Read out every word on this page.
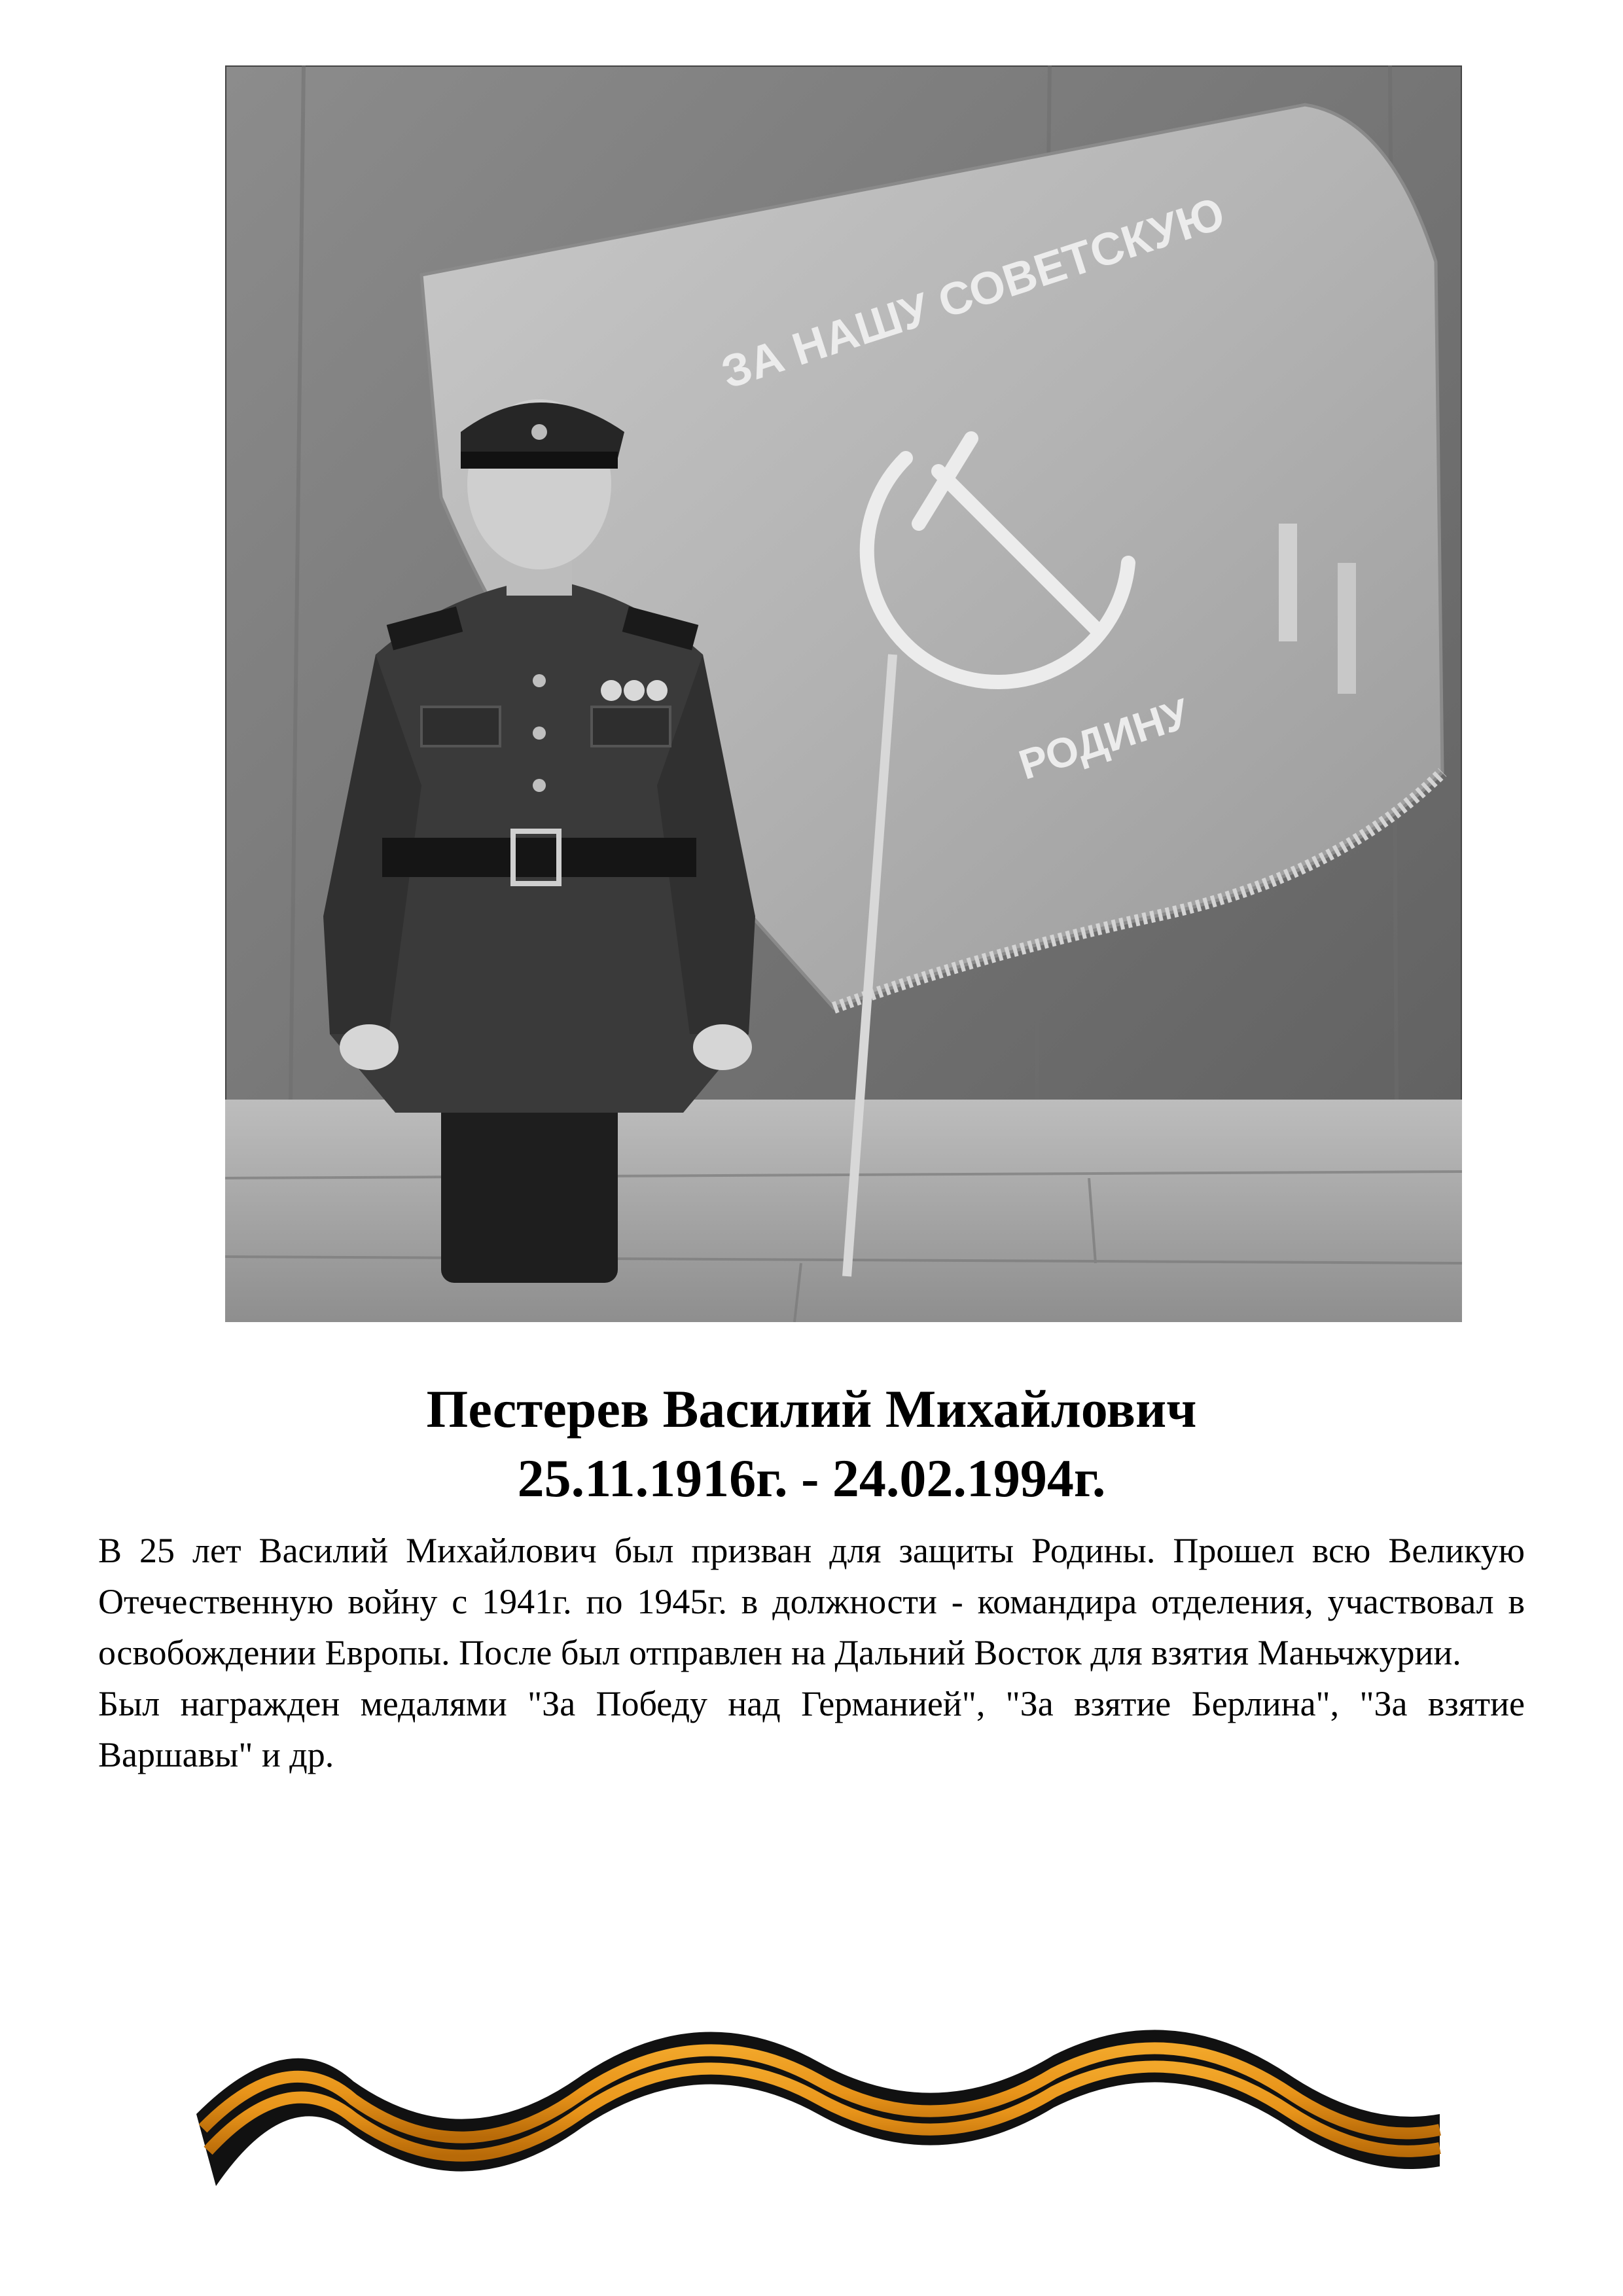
ЗА НАШУ СОВЕТСКУЮ
РОДИНУ
Пестерев Василий Михайлович
25.11.1916г. - 24.02.1994г.

В 25 лет Василий Михайлович был призван для защиты Родины. Прошел всю Великую Отечественную войну с 1941г. по 1945г. в должности - командира отделения, участвовал в освобождении Европы. После был отправлен на Дальний Восток для взятия Маньчжурии.

Был награжден медалями "За Победу над Германией", "За взятие Берлина", "За взятие Варшавы" и др.
